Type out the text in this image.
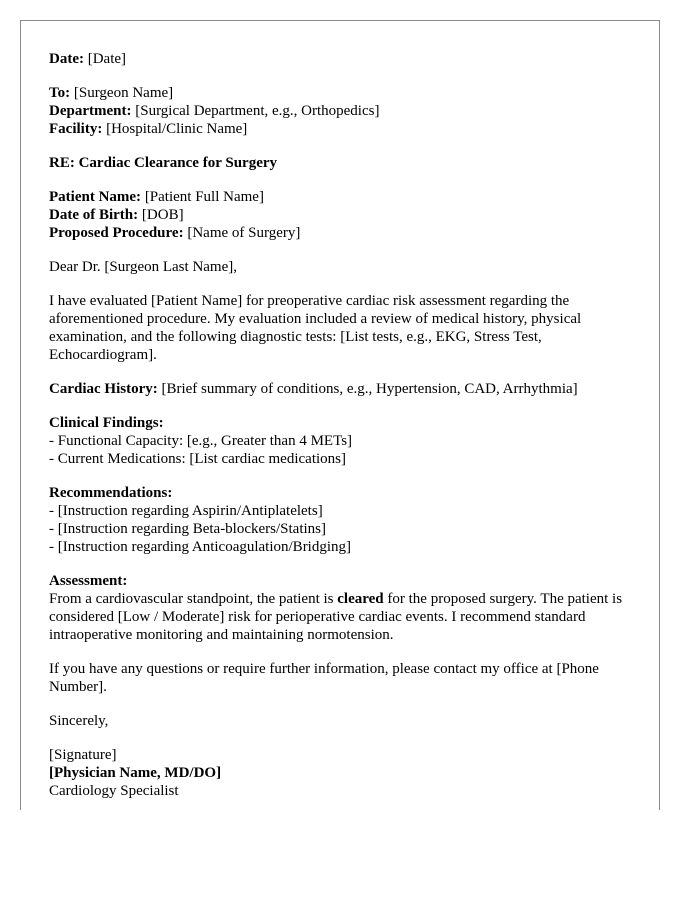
Date: [Date]
To: [Surgeon Name]
Department: [Surgical Department, e.g., Orthopedics]
Facility: [Hospital/Clinic Name]
RE: Cardiac Clearance for Surgery
Patient Name: [Patient Full Name]
Date of Birth: [DOB]
Proposed Procedure: [Name of Surgery]
Dear Dr. [Surgeon Last Name],
I have evaluated [Patient Name] for preoperative cardiac risk assessment regarding the aforementioned procedure. My evaluation included a review of medical history, physical examination, and the following diagnostic tests: [List tests, e.g., EKG, Stress Test, Echocardiogram].
Cardiac History: [Brief summary of conditions, e.g., Hypertension, CAD, Arrhythmia]
Clinical Findings:
- Functional Capacity: [e.g., Greater than 4 METs]
- Current Medications: [List cardiac medications]
Recommendations:
- [Instruction regarding Aspirin/Antiplatelets]
- [Instruction regarding Beta-blockers/Statins]
- [Instruction regarding Anticoagulation/Bridging]
Assessment:
From a cardiovascular standpoint, the patient is cleared for the proposed surgery. The patient is considered [Low / Moderate] risk for perioperative cardiac events. I recommend standard intraoperative monitoring and maintaining normotension.
If you have any questions or require further information, please contact my office at [Phone Number].
Sincerely,
[Signature]
[Physician Name, MD/DO]
Cardiology Specialist
